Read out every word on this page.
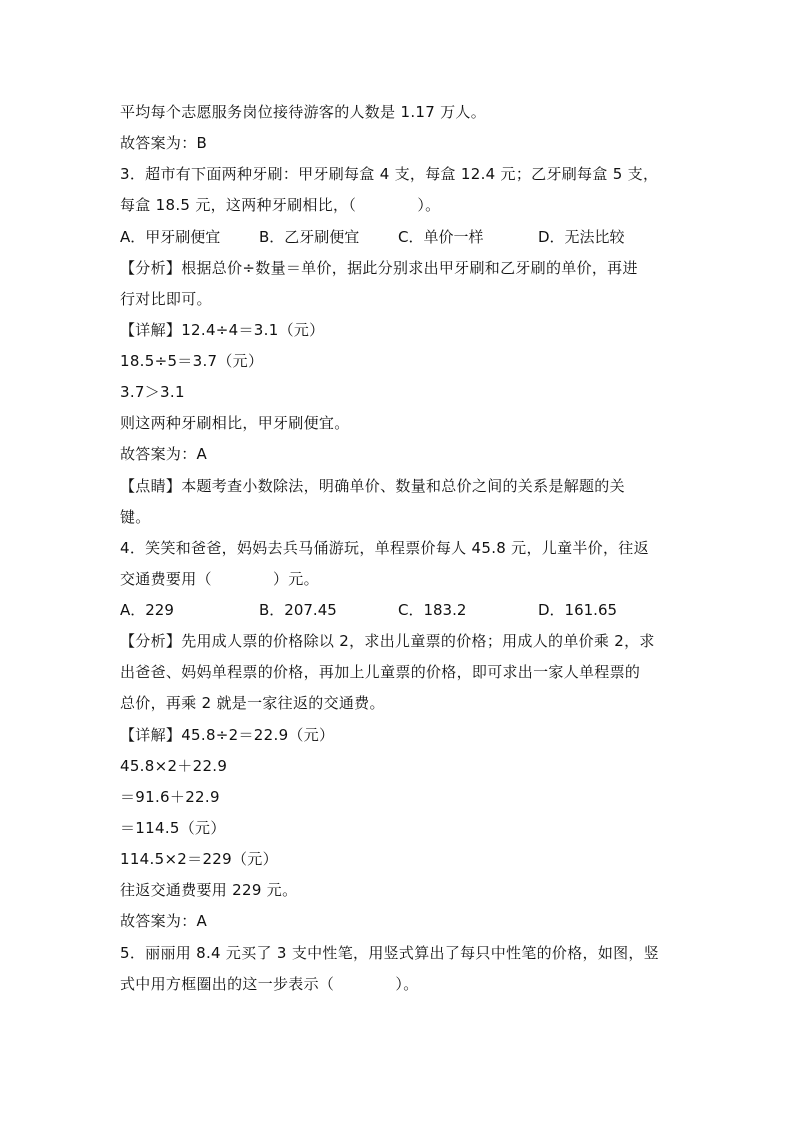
平均每个志愿服务岗位接待游客的人数是 1.17 万人。
故答案为：B
3．超市有下面两种牙刷：甲牙刷每盒 4 支，每盒 12.4 元；乙牙刷每盒 5 支，
每盒 18.5 元，这两种牙刷相比，（　　　　）。
A．甲牙刷便宜	B．乙牙刷便宜	C．单价一样	D．无法比较
【分析】根据总价÷数量＝单价，据此分别求出甲牙刷和乙牙刷的单价，再进
行对比即可。
【详解】12.4÷4＝3.1（元）
18.5÷5＝3.7（元）
3.7＞3.1
则这两种牙刷相比，甲牙刷便宜。
故答案为：A
【点睛】本题考查小数除法，明确单价、数量和总价之间的关系是解题的关
键。
4．笑笑和爸爸，妈妈去兵马俑游玩，单程票价每人 45.8 元，儿童半价，往返
交通费要用（　　　　）元。
A．229	B．207.45	C．183.2	D．161.65
【分析】先用成人票的价格除以 2，求出儿童票的价格；用成人的单价乘 2，求
出爸爸、妈妈单程票的价格，再加上儿童票的价格，即可求出一家人单程票的
总价，再乘 2 就是一家往返的交通费。
【详解】45.8÷2＝22.9（元）
45.8×2＋22.9
＝91.6＋22.9
＝114.5（元）
114.5×2＝229（元）
往返交通费要用 229 元。
故答案为：A
5．丽丽用 8.4 元买了 3 支中性笔，用竖式算出了每只中性笔的价格，如图，竖
式中用方框圈出的这一步表示（　　　　）。
